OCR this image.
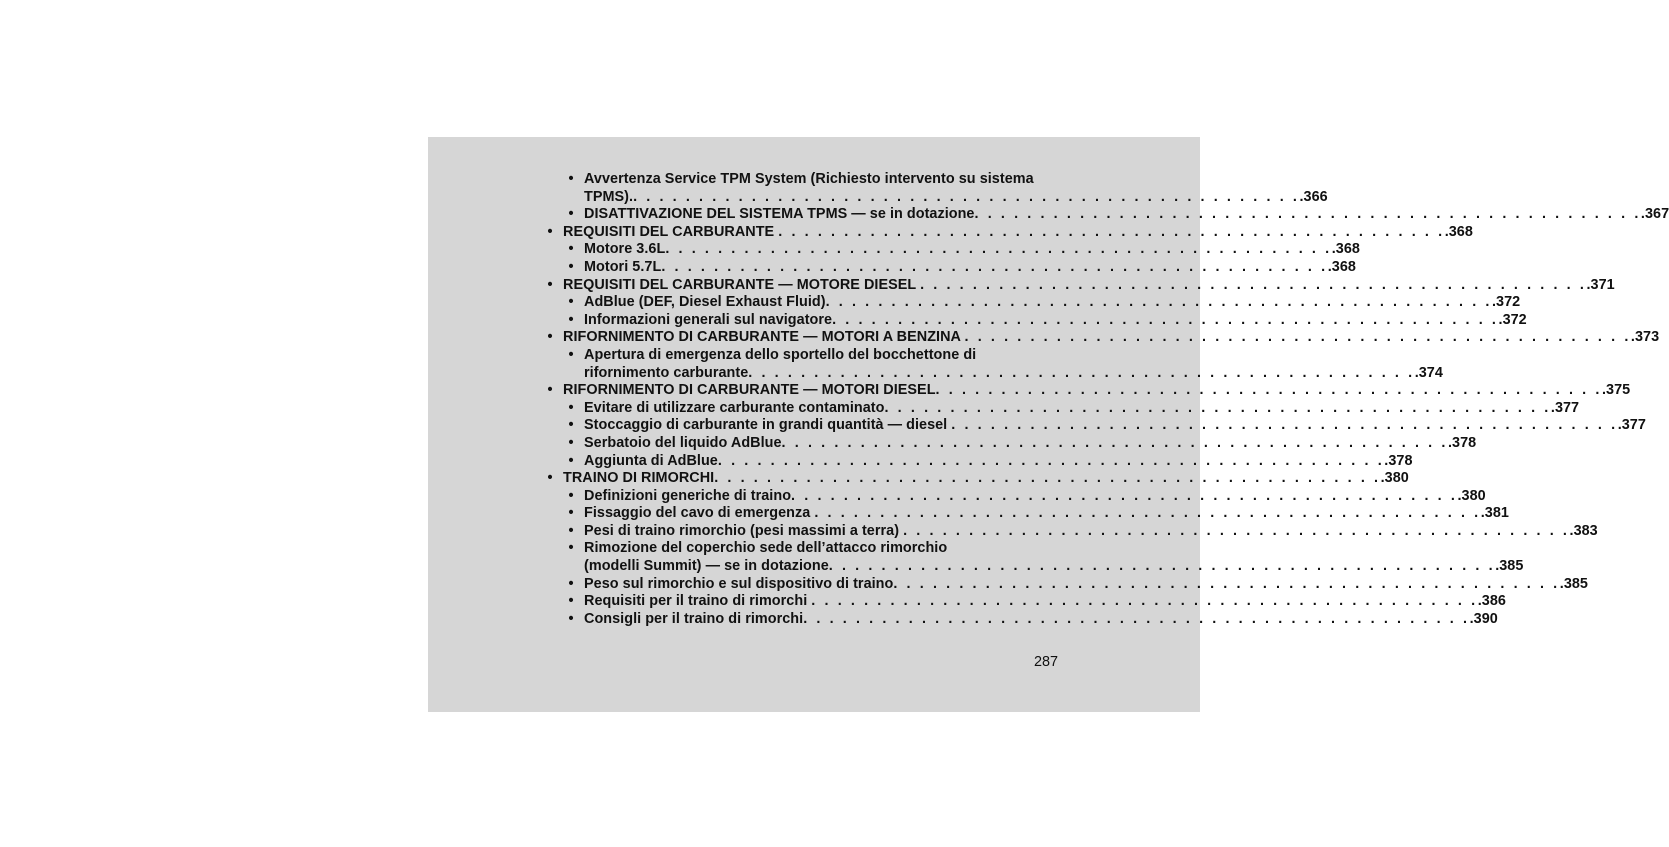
• Avvertenza Service TPM System (Richiesto intervento su sistema
TPMS). . . . . . . . . . . . . . . . . . . . . . . . . . . . . . . . . . . . . . . . . . . . . . . . . . . . .366
• DISATTIVAZIONE DEL SISTEMA TPMS — se in dotazione . . . . . . . . . . . . . . . . . . . . . . . . . . . . . . . . . . . . . . . . . . . . . . . . . . . .367
• REQUISITI DEL CARBURANTE . . . . . . . . . . . . . . . . . . . . . . . . . . . . . . . . . . . . . . . . . . . . . . . . . . . .368
• Motore 3.6L . . . . . . . . . . . . . . . . . . . . . . . . . . . . . . . . . . . . . . . . . . . . . . . . . . . .368
• Motori 5.7L . . . . . . . . . . . . . . . . . . . . . . . . . . . . . . . . . . . . . . . . . . . . . . . . . . . .368
• REQUISITI DEL CARBURANTE — MOTORE DIESEL . . . . . . . . . . . . . . . . . . . . . . . . . . . . . . . . . . . . . . . . . . . . . . . . . . . .371
• AdBlue (DEF, Diesel Exhaust Fluid) . . . . . . . . . . . . . . . . . . . . . . . . . . . . . . . . . . . . . . . . . . . . . . . . . . . .372
• Informazioni generali sul navigatore . . . . . . . . . . . . . . . . . . . . . . . . . . . . . . . . . . . . . . . . . . . . . . . . . . . .372
• RIFORNIMENTO DI CARBURANTE — MOTORI A BENZINA . . . . . . . . . . . . . . . . . . . . . . . . . . . . . . . . . . . . . . . . . . . . . . . . . . . .373
• Apertura di emergenza dello sportello del bocchettone di
rifornimento carburante . . . . . . . . . . . . . . . . . . . . . . . . . . . . . . . . . . . . . . . . . . . . . . . . . . . .374
• RIFORNIMENTO DI CARBURANTE — MOTORI DIESEL . . . . . . . . . . . . . . . . . . . . . . . . . . . . . . . . . . . . . . . . . . . . . . . . . . . .375
• Evitare di utilizzare carburante contaminato . . . . . . . . . . . . . . . . . . . . . . . . . . . . . . . . . . . . . . . . . . . . . . . . . . . .377
• Stoccaggio di carburante in grandi quantità — diesel . . . . . . . . . . . . . . . . . . . . . . . . . . . . . . . . . . . . . . . . . . . . . . . . . . . .377
• Serbatoio del liquido AdBlue . . . . . . . . . . . . . . . . . . . . . . . . . . . . . . . . . . . . . . . . . . . . . . . . . . . .378
• Aggiunta di AdBlue . . . . . . . . . . . . . . . . . . . . . . . . . . . . . . . . . . . . . . . . . . . . . . . . . . . .378
• TRAINO DI RIMORCHI . . . . . . . . . . . . . . . . . . . . . . . . . . . . . . . . . . . . . . . . . . . . . . . . . . . .380
• Definizioni generiche di traino . . . . . . . . . . . . . . . . . . . . . . . . . . . . . . . . . . . . . . . . . . . . . . . . . . . .380
• Fissaggio del cavo di emergenza . . . . . . . . . . . . . . . . . . . . . . . . . . . . . . . . . . . . . . . . . . . . . . . . . . . .381
• Pesi di traino rimorchio (pesi massimi a terra) . . . . . . . . . . . . . . . . . . . . . . . . . . . . . . . . . . . . . . . . . . . . . . . . . . . .383
• Rimozione del coperchio sede dell’attacco rimorchio
(modelli Summit) — se in dotazione . . . . . . . . . . . . . . . . . . . . . . . . . . . . . . . . . . . . . . . . . . . . . . . . . . . .385
• Peso sul rimorchio e sul dispositivo di traino . . . . . . . . . . . . . . . . . . . . . . . . . . . . . . . . . . . . . . . . . . . . . . . . . . . .385
• Requisiti per il traino di rimorchi . . . . . . . . . . . . . . . . . . . . . . . . . . . . . . . . . . . . . . . . . . . . . . . . . . . .386
• Consigli per il traino di rimorchi . . . . . . . . . . . . . . . . . . . . . . . . . . . . . . . . . . . . . . . . . . . . . . . . . . . .390
287
